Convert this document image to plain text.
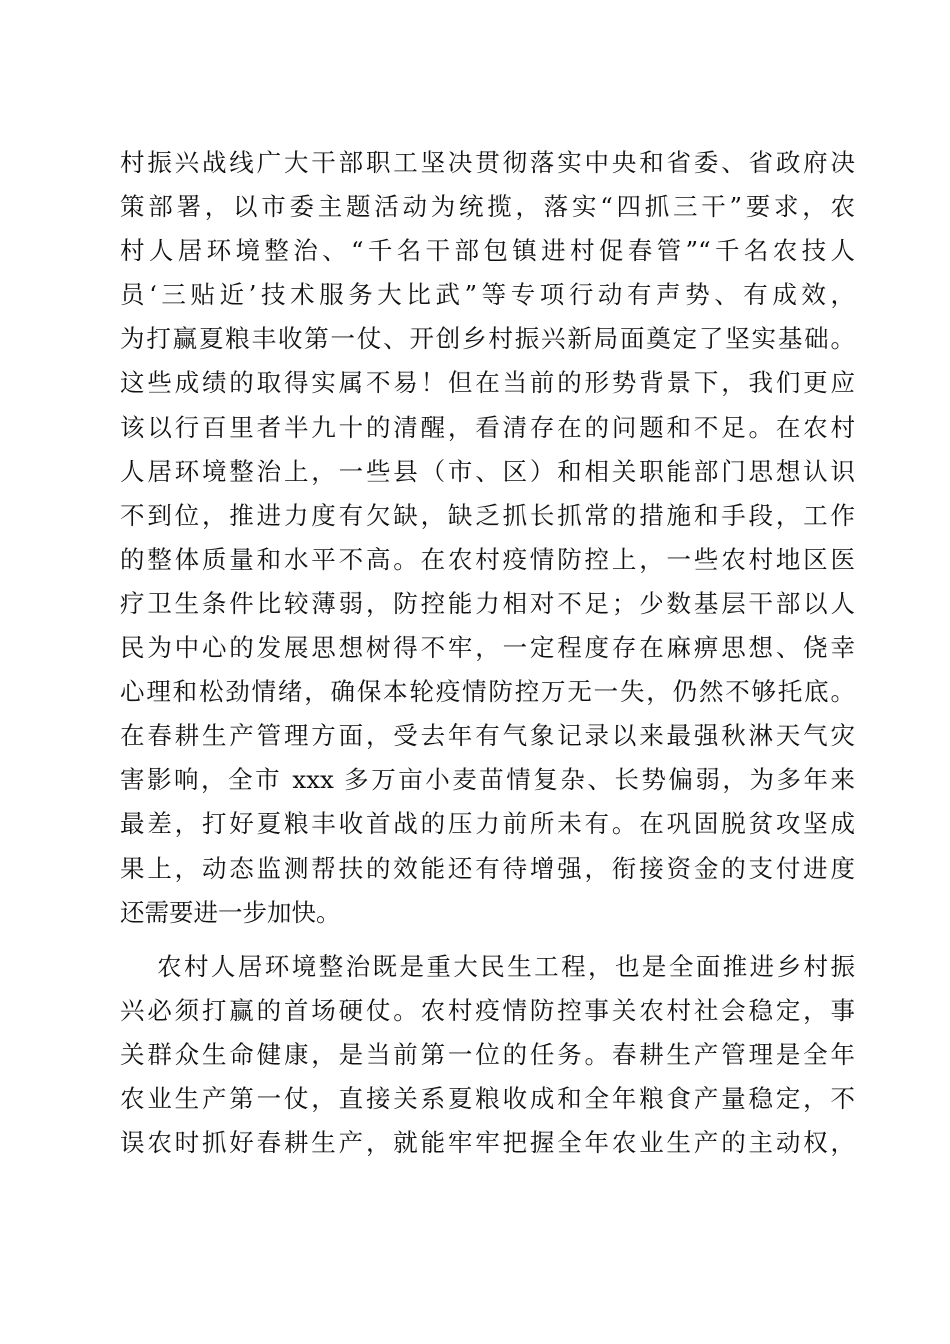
村振兴战线广大干部职工坚决贯彻落实中央和省委、省政府决
策部署，以市委主题活动为统揽，落实“四抓三干”要求，农
村人居环境整治、“千名干部包镇进村促春管”“千名农技人
员‘三贴近’技术服务大比武”等专项行动有声势、有成效，
为打赢夏粮丰收第一仗、开创乡村振兴新局面奠定了坚实基础。
这些成绩的取得实属不易！但在当前的形势背景下，我们更应
该以行百里者半九十的清醒，看清存在的问题和不足。在农村
人居环境整治上，一些县（市、区）和相关职能部门思想认识
不到位，推进力度有欠缺，缺乏抓长抓常的措施和手段，工作
的整体质量和水平不高。在农村疫情防控上，一些农村地区医
疗卫生条件比较薄弱，防控能力相对不足；少数基层干部以人
民为中心的发展思想树得不牢，一定程度存在麻痹思想、侥幸
心理和松劲情绪，确保本轮疫情防控万无一失，仍然不够托底。
在春耕生产管理方面，受去年有气象记录以来最强秋淋天气灾
害影响，全市 xxx 多万亩小麦苗情复杂、长势偏弱，为多年来
最差，打好夏粮丰收首战的压力前所未有。在巩固脱贫攻坚成
果上，动态监测帮扶的效能还有待增强，衔接资金的支付进度
还需要进一步加快。
农村人居环境整治既是重大民生工程，也是全面推进乡村振
兴必须打赢的首场硬仗。农村疫情防控事关农村社会稳定，事
关群众生命健康，是当前第一位的任务。春耕生产管理是全年
农业生产第一仗，直接关系夏粮收成和全年粮食产量稳定，不
误农时抓好春耕生产，就能牢牢把握全年农业生产的主动权，
